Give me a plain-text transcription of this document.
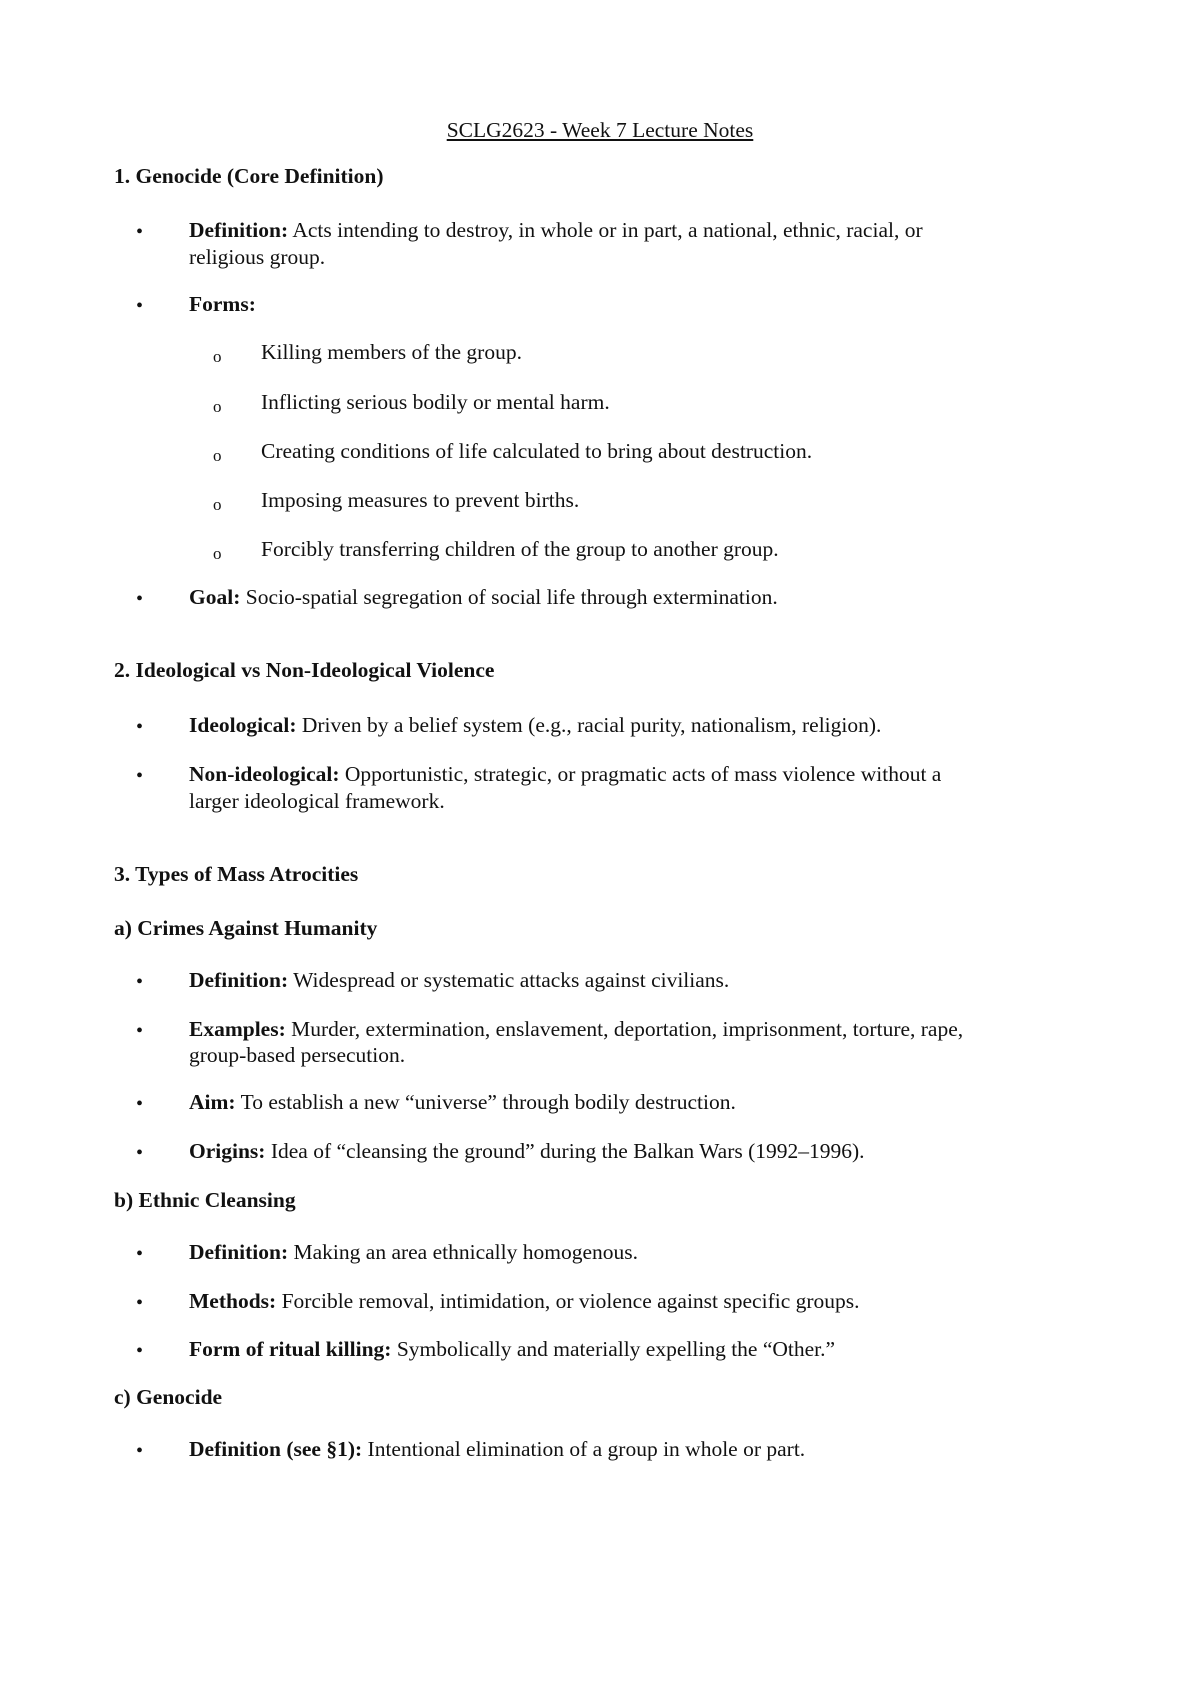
SCLG2623 - Week 7 Lecture Notes
1. Genocide (Core Definition)
• Definition: Acts intending to destroy, in whole or in part, a national, ethnic, racial, or
religious group.
• Forms:
o Killing members of the group.
o Inflicting serious bodily or mental harm.
o Creating conditions of life calculated to bring about destruction.
o Imposing measures to prevent births.
o Forcibly transferring children of the group to another group.
• Goal: Socio-spatial segregation of social life through extermination.
2. Ideological vs Non-Ideological Violence
• Ideological: Driven by a belief system (e.g., racial purity, nationalism, religion).
• Non-ideological: Opportunistic, strategic, or pragmatic acts of mass violence without a
larger ideological framework.
3. Types of Mass Atrocities
a) Crimes Against Humanity
• Definition: Widespread or systematic attacks against civilians.
• Examples: Murder, extermination, enslavement, deportation, imprisonment, torture, rape,
group-based persecution.
• Aim: To establish a new “universe” through bodily destruction.
• Origins: Idea of “cleansing the ground” during the Balkan Wars (1992–1996).
b) Ethnic Cleansing
• Definition: Making an area ethnically homogenous.
• Methods: Forcible removal, intimidation, or violence against specific groups.
• Form of ritual killing: Symbolically and materially expelling the “Other.”
c) Genocide
• Definition (see §1): Intentional elimination of a group in whole or part.
